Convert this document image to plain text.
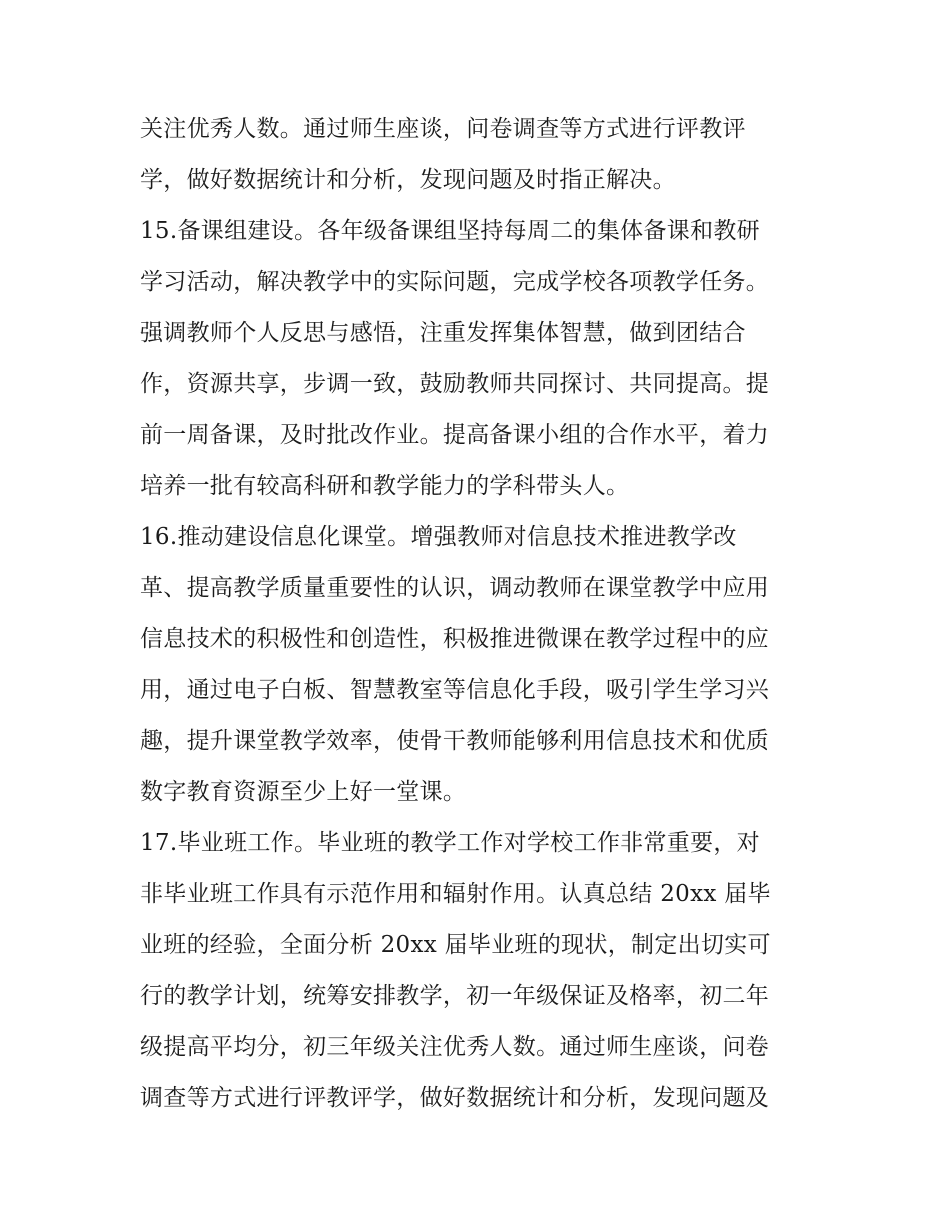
关注优秀人数。通过师生座谈，问卷调查等方式进行评教评
学，做好数据统计和分析，发现问题及时指正解决。
15.备课组建设。各年级备课组坚持每周二的集体备课和教研
学习活动，解决教学中的实际问题，完成学校各项教学任务。
强调教师个人反思与感悟，注重发挥集体智慧，做到团结合
作，资源共享，步调一致，鼓励教师共同探讨、共同提高。提
前一周备课，及时批改作业。提高备课小组的合作水平，着力
培养一批有较高科研和教学能力的学科带头人。
16.推动建设信息化课堂。增强教师对信息技术推进教学改
革、提高教学质量重要性的认识，调动教师在课堂教学中应用
信息技术的积极性和创造性，积极推进微课在教学过程中的应
用，通过电子白板、智慧教室等信息化手段，吸引学生学习兴
趣，提升课堂教学效率，使骨干教师能够利用信息技术和优质
数字教育资源至少上好一堂课。
17.毕业班工作。毕业班的教学工作对学校工作非常重要，对
非毕业班工作具有示范作用和辐射作用。认真总结 20xx 届毕
业班的经验，全面分析 20xx 届毕业班的现状，制定出切实可
行的教学计划，统筹安排教学，初一年级保证及格率，初二年
级提高平均分，初三年级关注优秀人数。通过师生座谈，问卷
调查等方式进行评教评学，做好数据统计和分析，发现问题及
